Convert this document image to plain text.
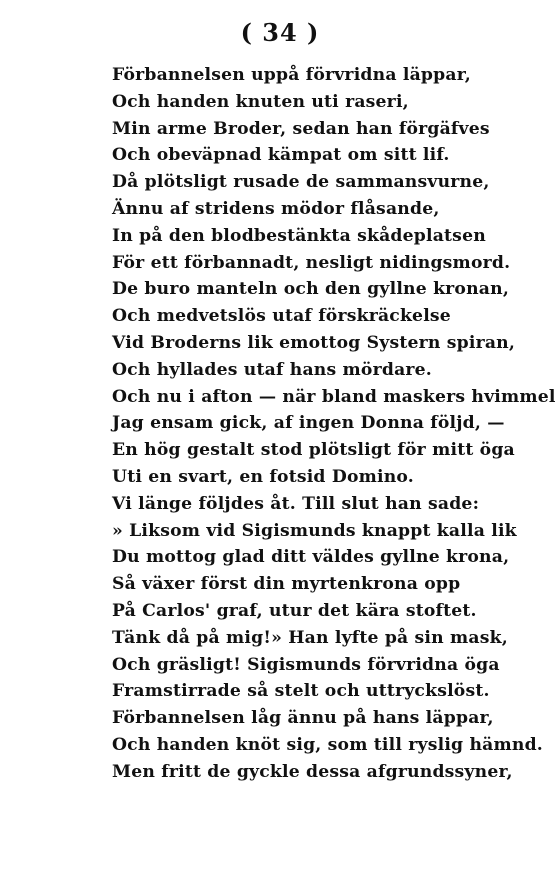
( 34 )
Förbannelsen uppå förvridna läppar,
Och handen knuten uti raseri,
Min arme Broder, sedan han förgäfves
Och obeväpnad kämpat om sitt lif.
Då plötsligt rusade de sammansvurne,
Ännu af stridens mödor flåsande,
In på den blodbestänkta skådeplatsen
För ett förbannadt, nesligt nidingsmord.
De buro manteln och den gyllne kronan,
Och medvetslös utaf förskräckelse
Vid Broderns lik emottog Systern spiran,
Och hyllades utaf hans mördare.
Och nu i afton — när bland maskers hvimmel
Jag ensam gick, af ingen Donna följd, —
En hög gestalt stod plötsligt för mitt öga
Uti en svart, en fotsid Domino.
Vi länge följdes åt. Till slut han sade:
» Liksom vid Sigismunds knappt kalla lik
Du mottog glad ditt väldes gyllne krona,
Så växer först din myrtenkrona opp
På Carlos' graf, utur det kära stoftet.
Tänk då på mig!» Han lyfte på sin mask,
Och gräsligt! Sigismunds förvridna öga
Framstirrade så stelt och uttryckslöst.
Förbannelsen låg ännu på hans läppar,
Och handen knöt sig, som till ryslig hämnd.
Men fritt de gyckle dessa afgrundssyner,
